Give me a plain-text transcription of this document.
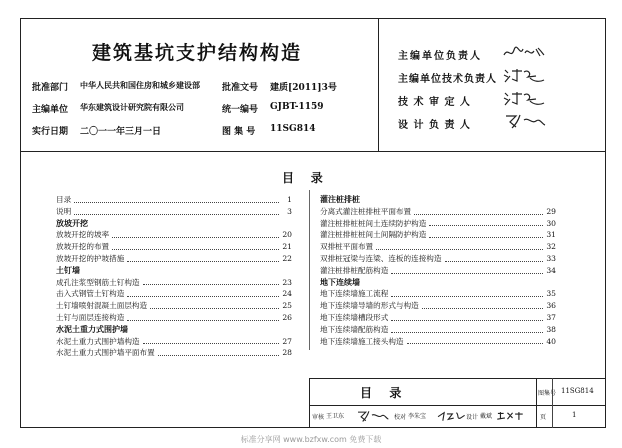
建筑基坑支护结构构造
批准部门 中华人民共和国住房和城乡建设部 批准文号 建质[2011]3号
主编单位 华东建筑设计研究院有限公司	统一编号 GJBT-1159
实行日期 二〇一一年三月一日	图 集 号 11SG814
主编单位负责人
主编单位技术负责人
技 术 审 定 人
设 计 负 责 人
目    录
目录	1
说明	3
放坡开挖
放坡开挖的坡率	20
放坡开挖的布置	21
放坡开挖的护坡措施	22
土钉墙
成孔注浆型钢筋土钉构造	23
击入式钢管土钉构造	24
土钉墙喷射混凝土面层构造	25
土钉与面层连接构造	26
水泥土重力式围护墙
水泥土重力式围护墙构造	27
水泥土重力式围护墙平面布置	28
灌注桩排桩
分离式灌注桩排桩平面布置	29
灌注桩排桩桩间土连续防护构造	30
灌注桩排桩桩间土间隔防护构造	31
双排桩平面布置	32
双排桩冠梁与连梁、连板的连接构造	33
灌注桩排桩配筋构造	34
地下连续墙
地下连续墙施工流程	35
地下连续墙导墙的形式与构造	36
地下连续墙槽段形式	37
地下连续墙配筋构造	38
地下连续墙施工接头构造	40
目  录	图集号 11SG814
审核 王卫东	校对 李朱宝	设计 戴斌	页	1
标准分享网 www.bzfxw.com 免费下载
